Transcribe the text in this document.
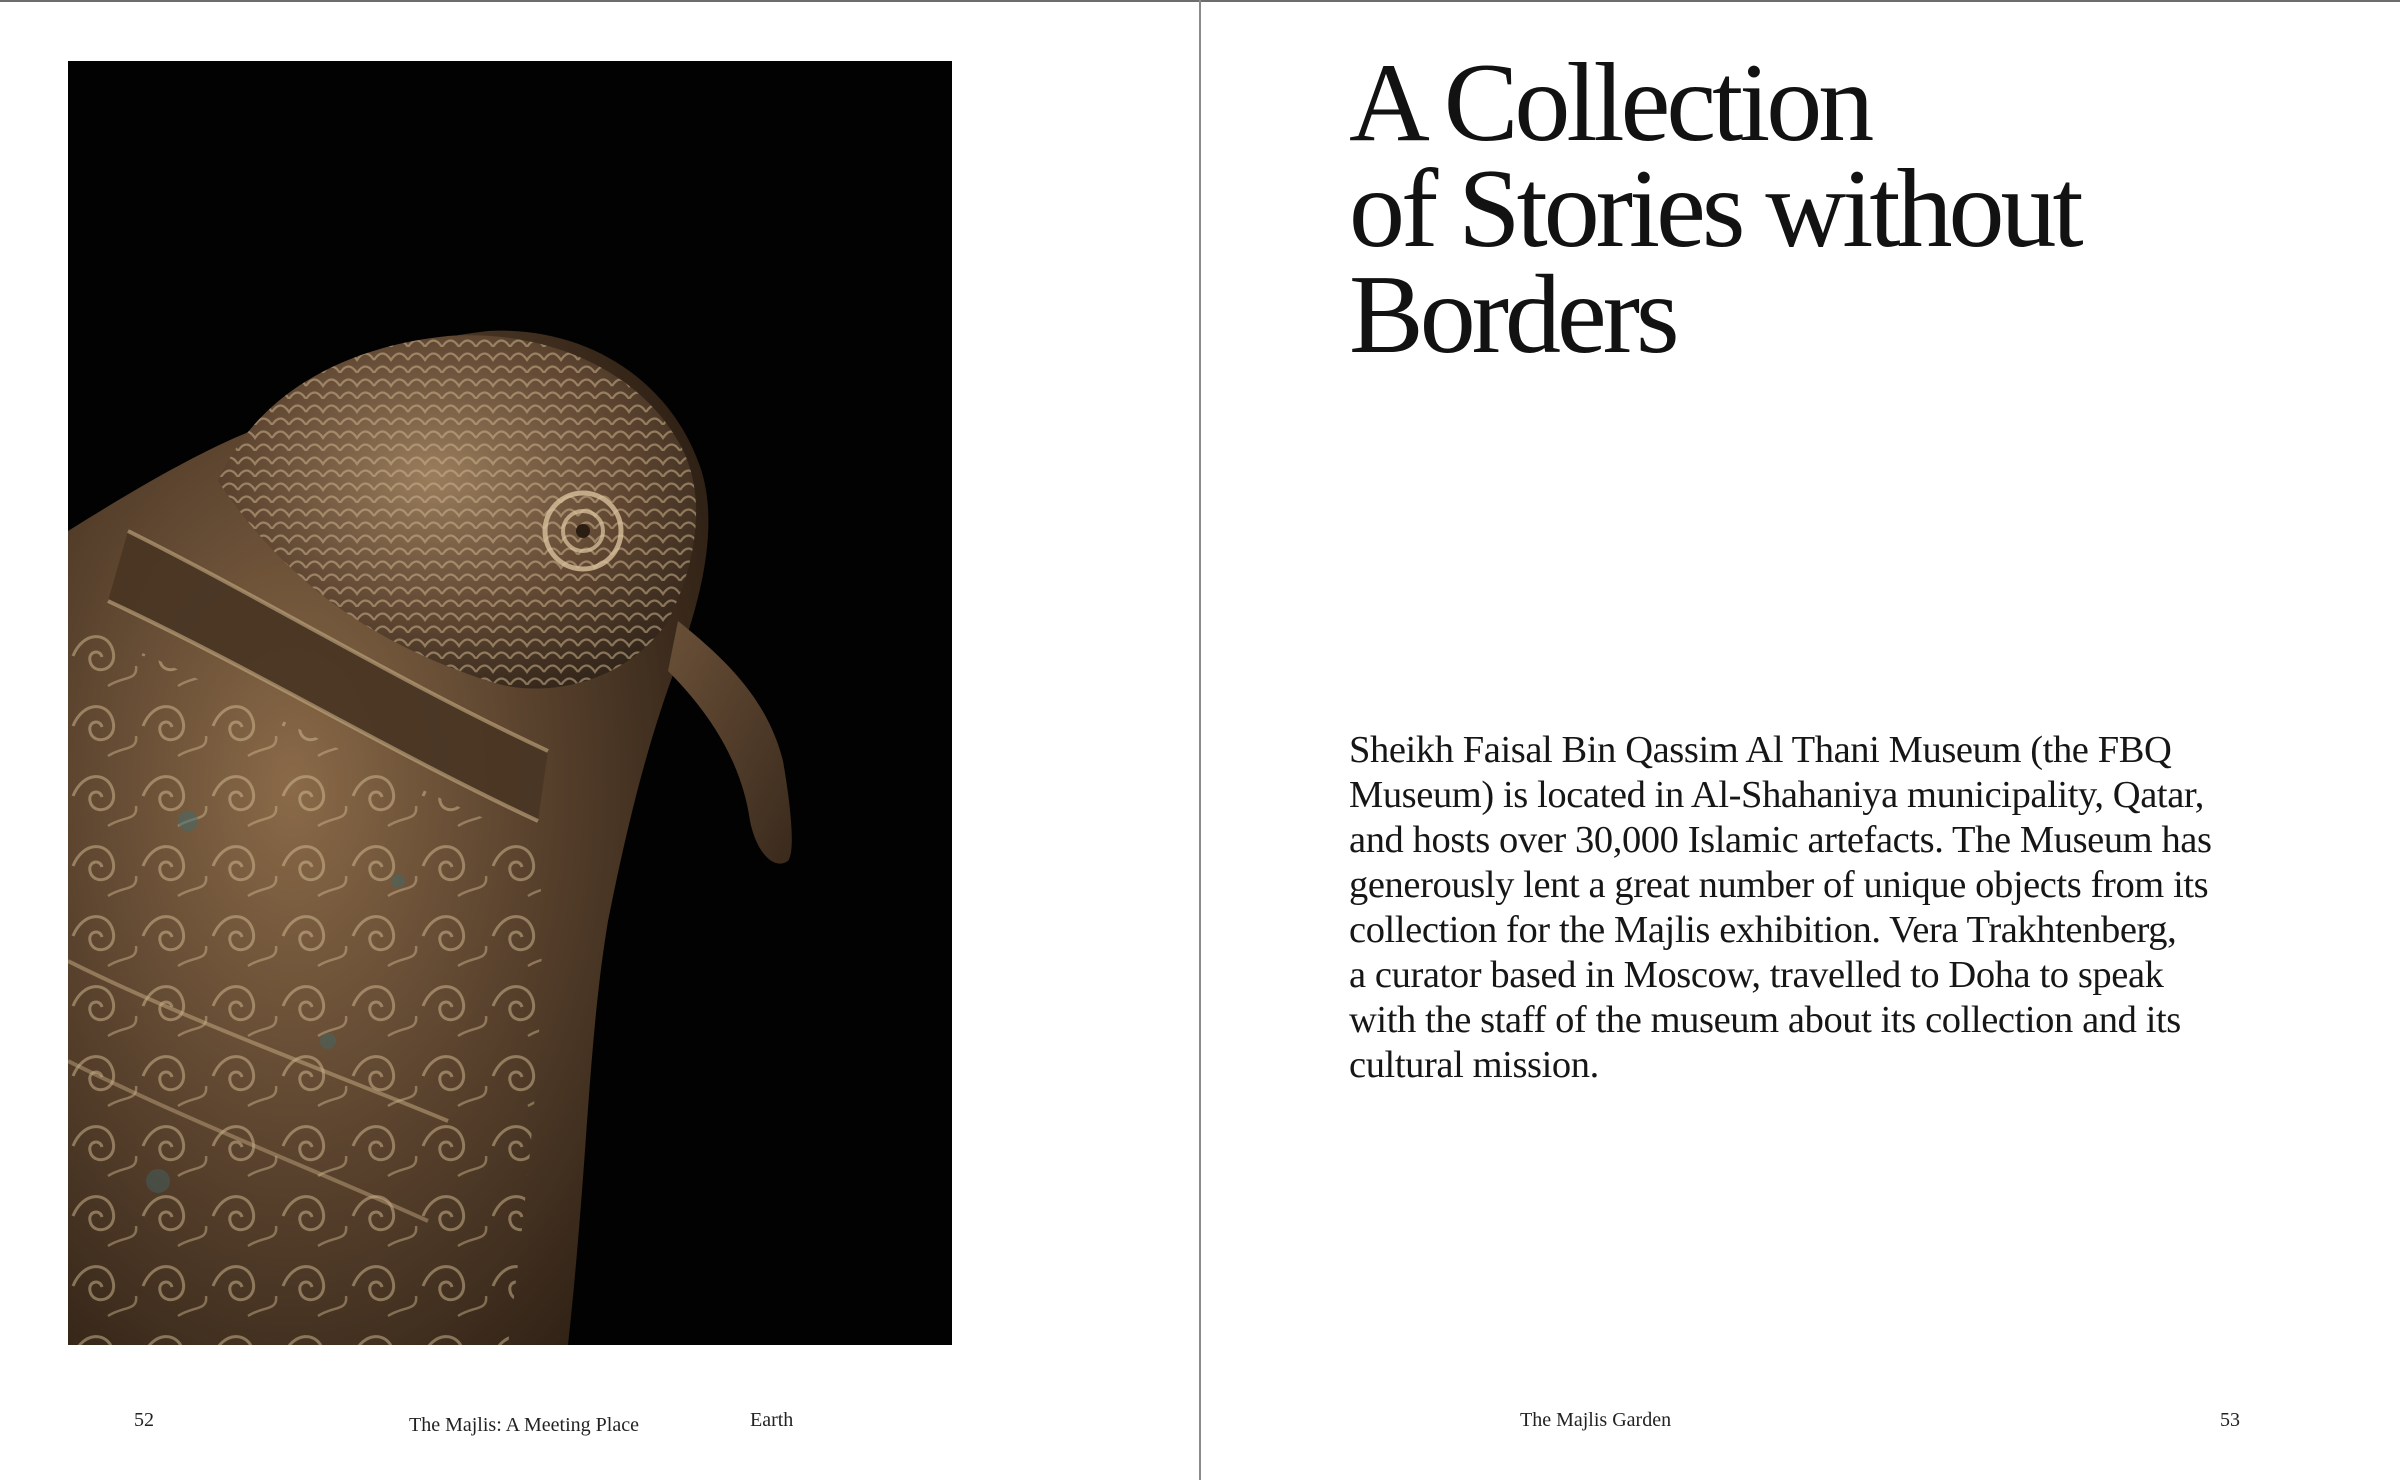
52	The Majlis: A Meeting Place	Earth
A Collection
of Stories without
Borders

Sheikh Faisal Bin Qassim Al Thani Museum (the FBQ
Museum) is located in Al-Shahaniya municipality, Qatar,
and hosts over 30,000 Islamic artefacts. The Museum has
generously lent a great number of unique objects from its
collection for the Majlis exhibition. Vera Trakhtenberg,
a curator based in Moscow, travelled to Doha to speak
with the staff of the museum about its collection and its
cultural mission.

The Majlis Garden	53
